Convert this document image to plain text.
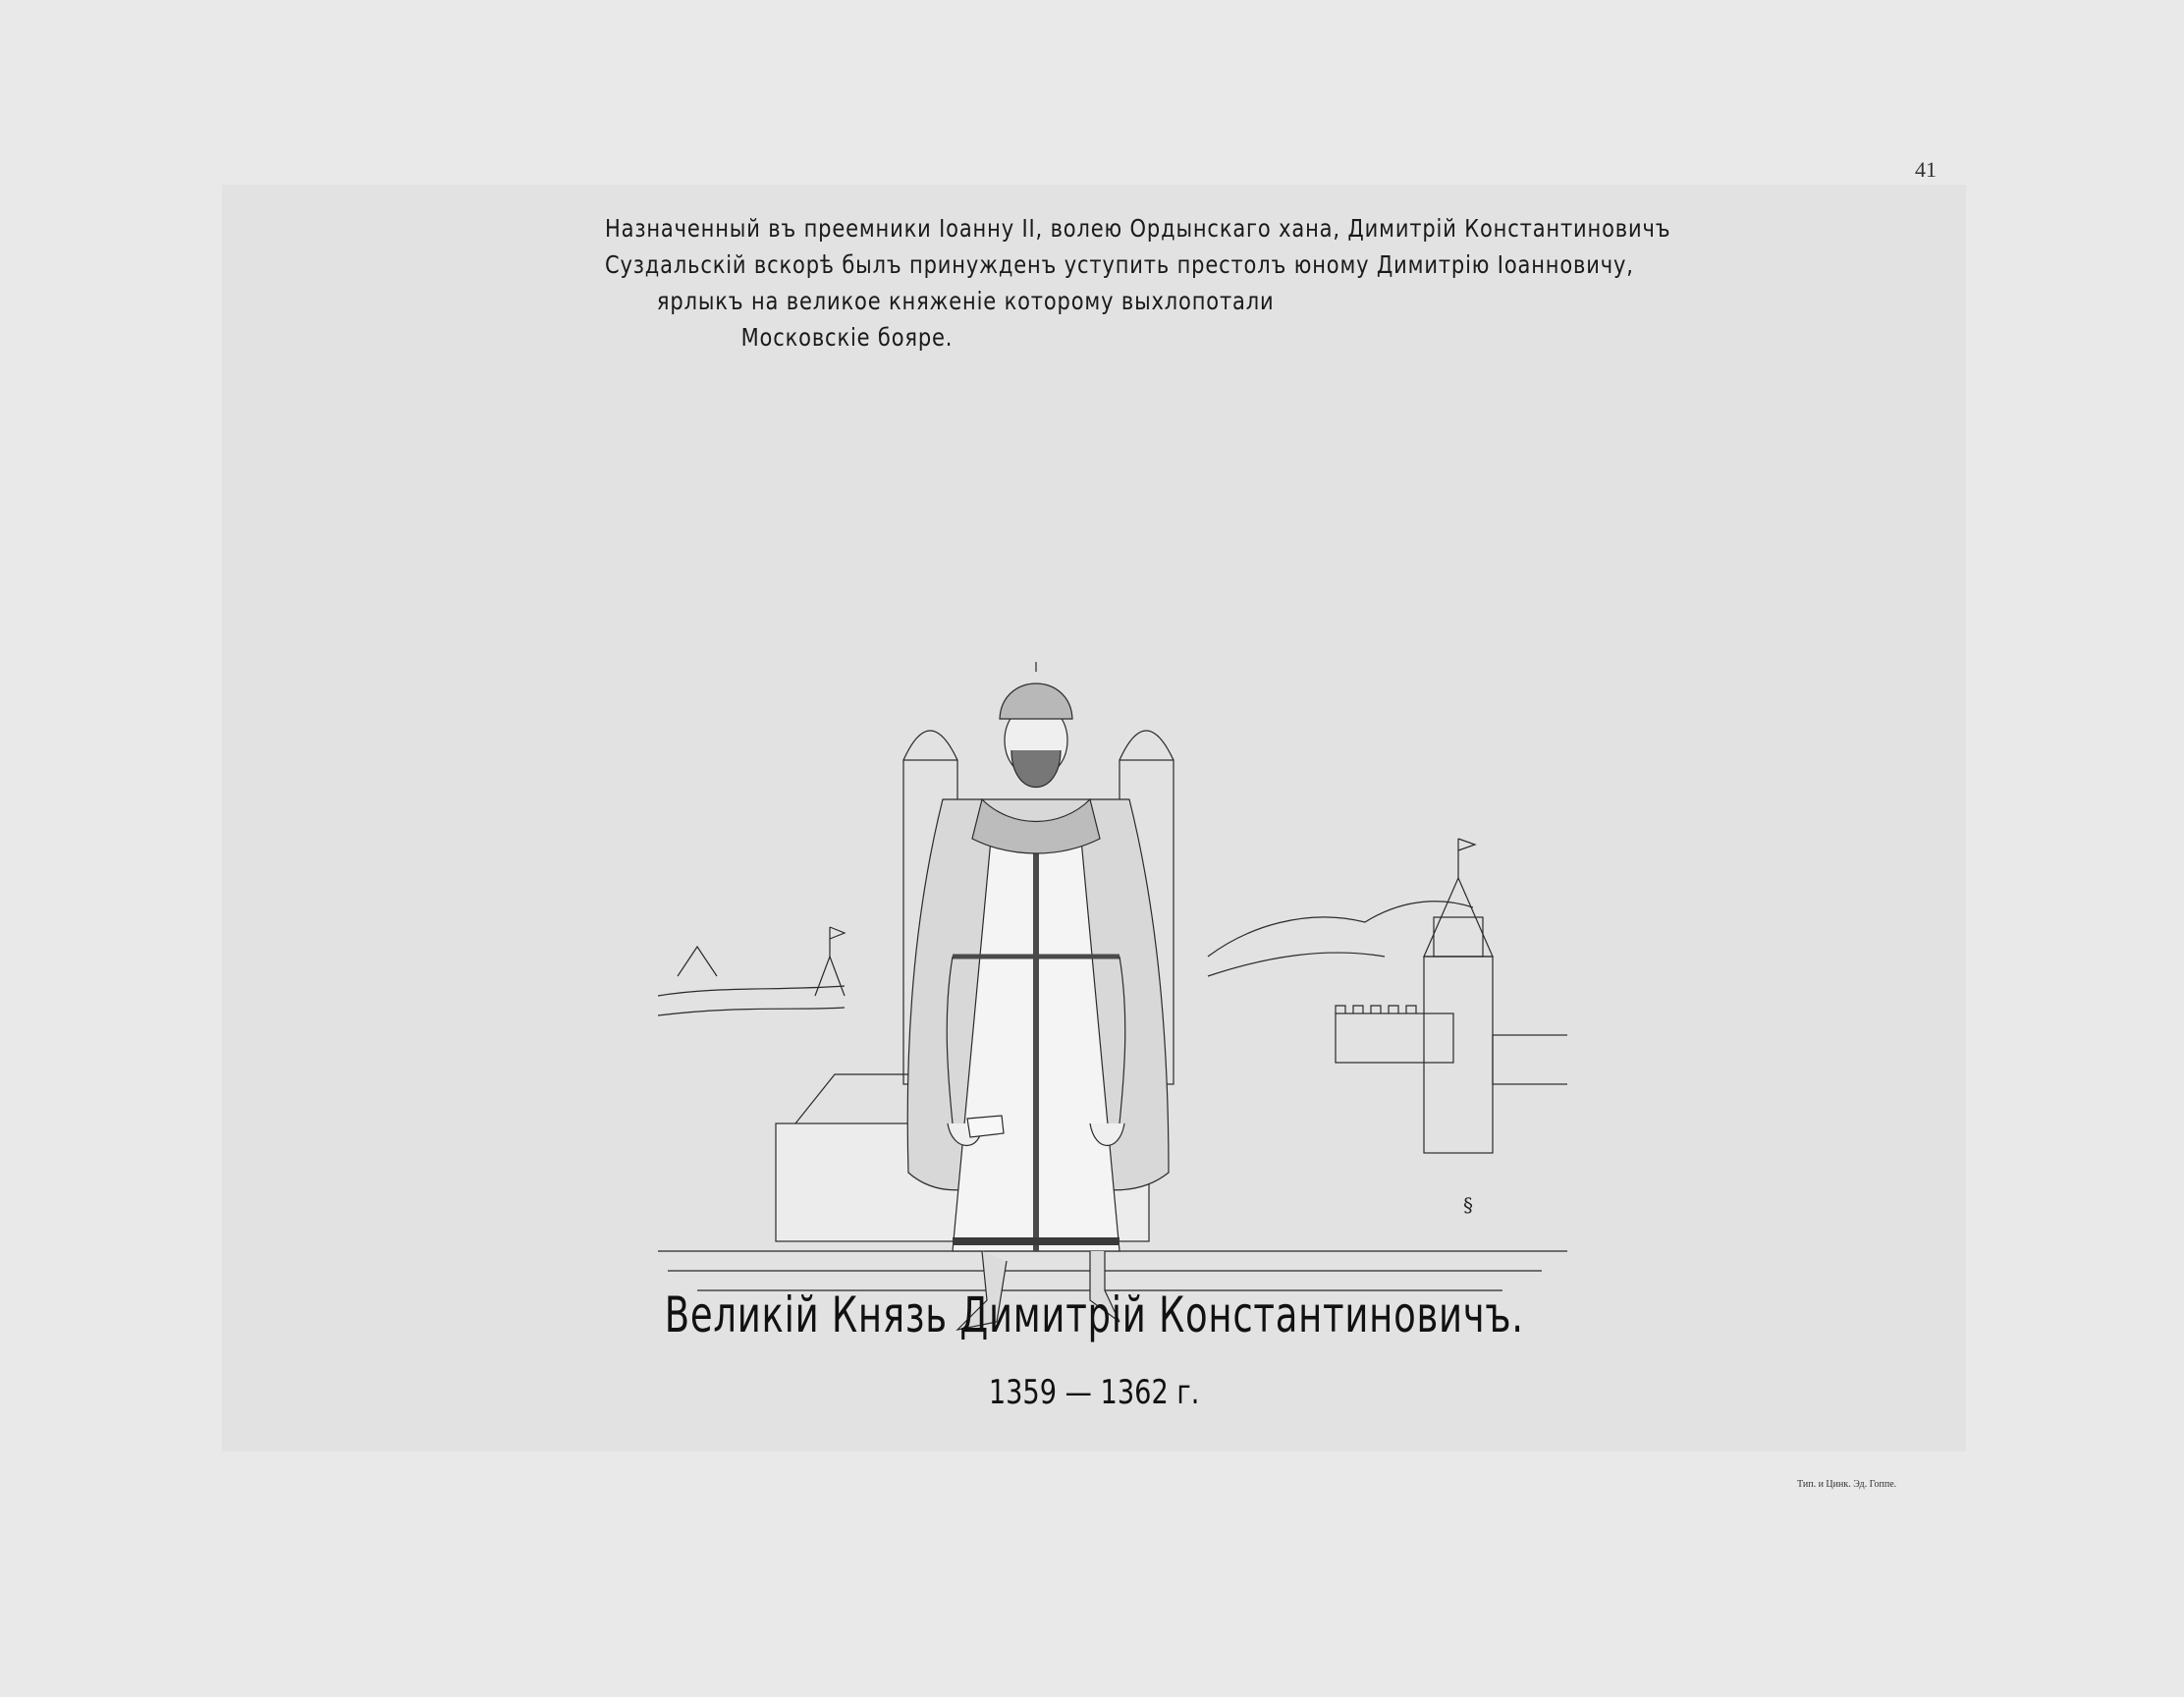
41
Назначенный въ преемники Іоанну II, волею Ордынскаго хана, Димитрій Константиновичъ
Суздальскій вскорѣ былъ принужденъ уступить престолъ юному Димитрію Іоанновичу,
ярлыкъ на великое княженіе которому выхлопотали
Московскіе бояре.
§
Великій Князь Димитрій Константиновичъ.
1359 — 1362 г.
Тип. и Цинк. Эд. Гоппе.
